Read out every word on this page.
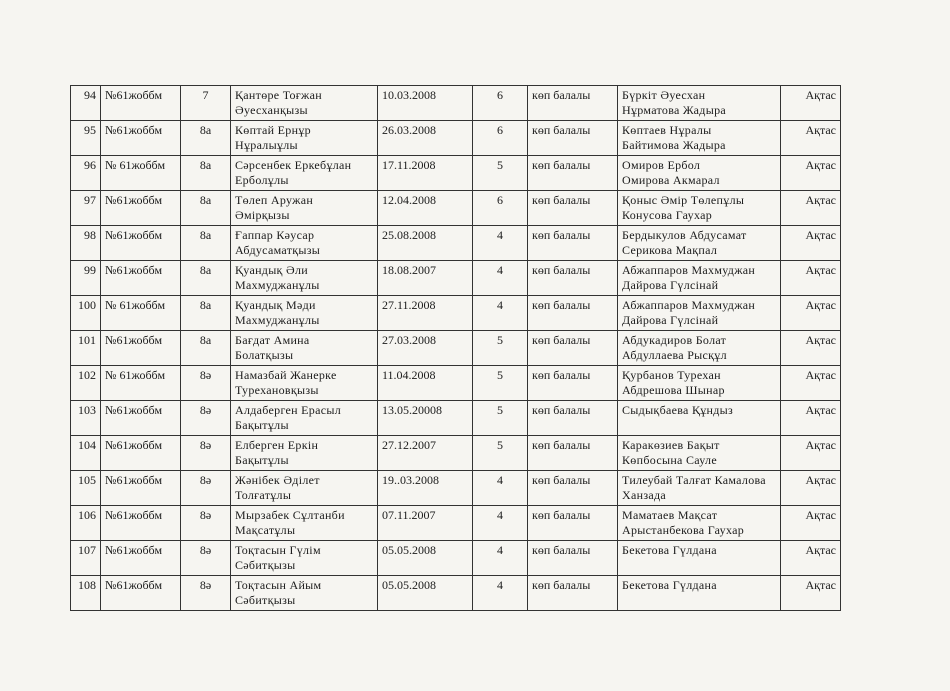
94	№61жоббм	7	Қантөре Тоғжан
Әуесханқызы	10.03.2008	6	көп балалы	Бүркіт Әуесхан
Нұрматова Жадыра	Ақтас
95	№61жоббм	8а	Көптай Ернұр
Нұралыұлы	26.03.2008	6	көп балалы	Көптаев Нұралы
Байтимова Жадыра	Ақтас
96	№ 61жоббм	8а	Сәрсенбек Еркебұлан
Ерболұлы	17.11.2008	5	көп балалы	Омиров Ербол
Омирова Акмарал	Ақтас
97	№61жоббм	8а	Төлеп Аружан
Әмірқызы	12.04.2008	6	көп балалы	Қоныс Әмір Төлепұлы
Конусова Гаухар	Ақтас
98	№61жоббм	8а	Ғаппар Кәусар
Абдусаматқызы	25.08.2008	4	көп балалы	Бердыкулов Абдусамат
Серикова Мақпал	Ақтас
99	№61жоббм	8а	Қуандық Әли
Махмуджанұлы	18.08.2007	4	көп балалы	Абжаппаров Махмуджан
Дайрова Гүлсінай	Ақтас
100	№ 61жоббм	8а	Қуандық Мәди
Махмуджанұлы	27.11.2008	4	көп балалы	Абжаппаров Махмуджан
Дайрова Гүлсінай	Ақтас
101	№61жоббм	8а	Бағдат Амина
Болатқызы	27.03.2008	5	көп балалы	Абдукадиров Болат
Абдуллаева Рысқұл	Ақтас
102	№ 61жоббм	8ә	Намазбай Жанерке
Турехановқызы	11.04.2008	5	көп балалы	Қурбанов Турехан
Абдрешова Шынар	Ақтас
103	№61жоббм	8ә	Алдаберген Ерасыл
Бақытұлы	13.05.20008	5	көп балалы	Сыдықбаева Құндыз	Ақтас
104	№61жоббм	8ә	Елберген Еркін
Бақытұлы	27.12.2007	5	көп балалы	Каракөзиев Бақыт
Көпбосына Сауле	Ақтас
105	№61жоббм	8ә	Жәнібек Әділет
Толғатұлы	19..03.2008	4	көп балалы	Тилеубай Талғат Камалова
Ханзада	Ақтас
106	№61жоббм	8ә	Мырзабек Сұлтанби
Мақсатұлы	07.11.2007	4	көп балалы	Маматаев Мақсат
Арыстанбекова Гаухар	Ақтас
107	№61жоббм	8ә	Тоқтасын Гүлім
Сәбитқызы	05.05.2008	4	көп балалы	Бекетова Гүлдана	Ақтас
108	№61жоббм	8ә	Тоқтасын Айым
Сәбитқызы	05.05.2008	4	көп балалы	Бекетова Гүлдана	Ақтас
